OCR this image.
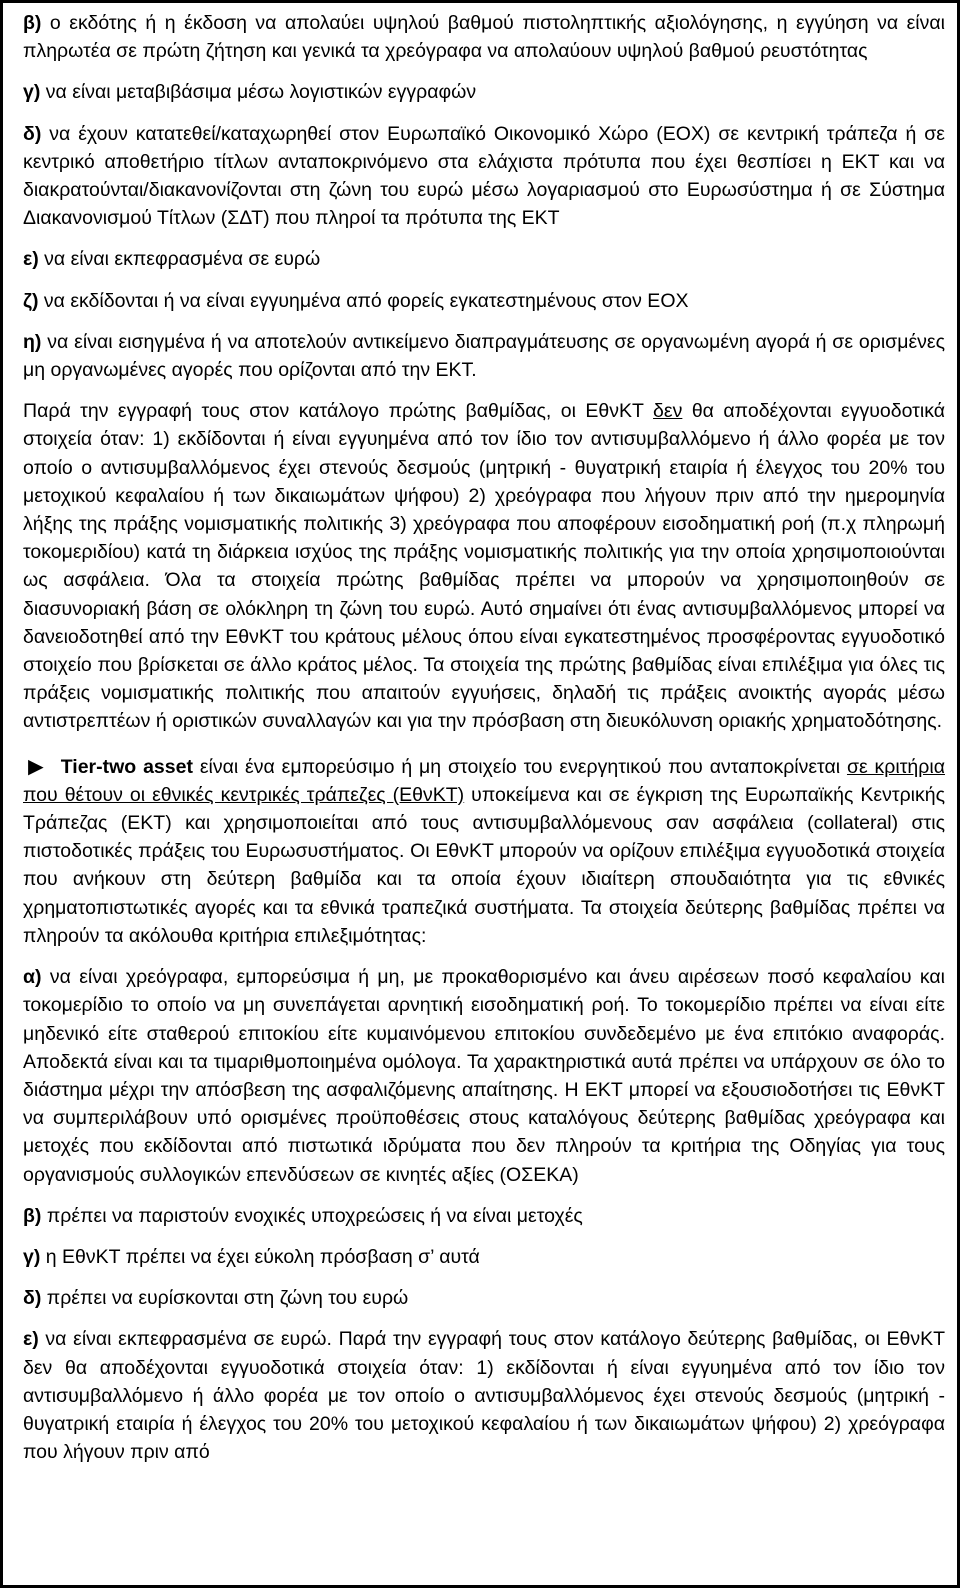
β) ο εκδότης ή η έκδοση να απολαύει υψηλού βαθμού πιστοληπτικής αξιολόγησης, η εγγύηση να είναι πληρωτέα σε πρώτη ζήτηση και γενικά τα χρεόγραφα να απολαύουν υψηλού βαθμού ρευστότητας

γ) να είναι μεταβιβάσιμα μέσω λογιστικών εγγραφών

δ) να έχουν κατατεθεί/καταχωρηθεί στον Ευρωπαϊκό Οικονομικό Χώρο (ΕΟΧ) σε κεντρική τράπεζα ή σε κεντρικό αποθετήριο τίτλων ανταποκρινόμενο στα ελάχιστα πρότυπα που έχει θεσπίσει η ΕΚΤ και να διακρατούνται/διακανονίζονται στη ζώνη του ευρώ μέσω λογαριασμού στο Ευρωσύστημα ή σε Σύστημα Διακανονισμού Τίτλων (ΣΔΤ) που πληροί τα πρότυπα της ΕΚΤ

ε) να είναι εκπεφρασμένα σε ευρώ

ζ) να εκδίδονται ή να είναι εγγυημένα από φορείς εγκατεστημένους στον ΕΟΧ

η) να είναι εισηγμένα ή να αποτελούν αντικείμενο διαπραγμάτευσης σε οργανωμένη αγορά ή σε ορισμένες μη οργανωμένες αγορές που ορίζονται από την ΕΚΤ.

Παρά την εγγραφή τους στον κατάλογο πρώτης βαθμίδας, οι ΕθνΚΤ δεν θα αποδέχονται εγγυοδοτικά στοιχεία όταν: 1) εκδίδονται ή είναι εγγυημένα από τον ίδιο τον αντισυμβαλλόμενο ή άλλο φορέα με τον οποίο ο αντισυμβαλλόμενος έχει στενούς δεσμούς (μητρική - θυγατρική εταιρία ή έλεγχος του 20% του μετοχικού κεφαλαίου ή των δικαιωμάτων ψήφου) 2) χρεόγραφα που λήγουν πριν από την ημερομηνία λήξης της πράξης νομισματικής πολιτικής 3) χρεόγραφα που αποφέρουν εισοδηματική ροή (π.χ πληρωμή τοκομεριδίου) κατά τη διάρκεια ισχύος της πράξης νομισματικής πολιτικής για την οποία χρησιμοποιούνται ως ασφάλεια. Όλα τα στοιχεία πρώτης βαθμίδας πρέπει να μπορούν να χρησιμοποιηθούν σε διασυνοριακή βάση σε ολόκληρη τη ζώνη του ευρώ. Αυτό σημαίνει ότι ένας αντισυμβαλλόμενος μπορεί να δανειοδοτηθεί από την ΕθνΚΤ του κράτους μέλους όπου είναι εγκατεστημένος προσφέροντας εγγυοδοτικό στοιχείο που βρίσκεται σε άλλο κράτος μέλος. Τα στοιχεία της πρώτης βαθμίδας είναι επιλέξιμα για όλες τις πράξεις νομισματικής πολιτικής που απαιτούν εγγυήσεις, δηλαδή τις πράξεις ανοικτής αγοράς μέσω αντιστρεπτέων ή οριστικών συναλλαγών και για την πρόσβαση στη διευκόλυνση οριακής χρηματοδότησης.

► Tier-two asset είναι ένα εμπορεύσιμο ή μη στοιχείο του ενεργητικού που ανταποκρίνεται σε κριτήρια που θέτουν οι εθνικές κεντρικές τράπεζες (ΕθνΚΤ) υποκείμενα και σε έγκριση της Ευρωπαϊκής Κεντρικής Τράπεζας (ΕΚΤ) και χρησιμοποιείται από τους αντισυμβαλλόμενους σαν ασφάλεια (collateral) στις πιστοδοτικές πράξεις του Ευρωσυστήματος. Οι ΕθνΚΤ μπορούν να ορίζουν επιλέξιμα εγγυοδοτικά στοιχεία που ανήκουν στη δεύτερη βαθμίδα και τα οποία έχουν ιδιαίτερη σπουδαιότητα για τις εθνικές χρηματοπιστωτικές αγορές και τα εθνικά τραπεζικά συστήματα. Τα στοιχεία δεύτερης βαθμίδας πρέπει να πληρούν τα ακόλουθα κριτήρια επιλεξιμότητας:

α) να είναι χρεόγραφα, εμπορεύσιμα ή μη, με προκαθορισμένο και άνευ αιρέσεων ποσό κεφαλαίου και τοκομερίδιο το οποίο να μη συνεπάγεται αρνητική εισοδηματική ροή. Το τοκομερίδιο πρέπει να είναι είτε μηδενικό είτε σταθερού επιτοκίου είτε κυμαινόμενου επιτοκίου συνδεδεμένο με ένα επιτόκιο αναφοράς. Αποδεκτά είναι και τα τιμαριθμοποιημένα ομόλογα. Τα χαρακτηριστικά αυτά πρέπει να υπάρχουν σε όλο το διάστημα μέχρι την απόσβεση της ασφαλιζόμενης απαίτησης. Η ΕΚΤ μπορεί να εξουσιοδοτήσει τις ΕθνΚΤ να συμπεριλάβουν υπό ορισμένες προϋποθέσεις στους καταλόγους δεύτερης βαθμίδας χρεόγραφα και μετοχές που εκδίδονται από πιστωτικά ιδρύματα που δεν πληρούν τα κριτήρια της Οδηγίας για τους οργανισμούς συλλογικών επενδύσεων σε κινητές αξίες (ΟΣΕΚΑ)

β) πρέπει να παριστούν ενοχικές υποχρεώσεις ή να είναι μετοχές

γ) η ΕθνΚΤ πρέπει να έχει εύκολη πρόσβαση σ’ αυτά

δ) πρέπει να ευρίσκονται στη ζώνη του ευρώ

ε) να είναι εκπεφρασμένα σε ευρώ. Παρά την εγγραφή τους στον κατάλογο δεύτερης βαθμίδας, οι ΕθνΚΤ δεν θα αποδέχονται εγγυοδοτικά στοιχεία όταν: 1) εκδίδονται ή είναι εγγυημένα από τον ίδιο τον αντισυμβαλλόμενο ή άλλο φορέα με τον οποίο ο αντισυμβαλλόμενος έχει στενούς δεσμούς (μητρική - θυγατρική εταιρία ή έλεγχος του 20% του μετοχικού κεφαλαίου ή των δικαιωμάτων ψήφου) 2) χρεόγραφα που λήγουν πριν από
